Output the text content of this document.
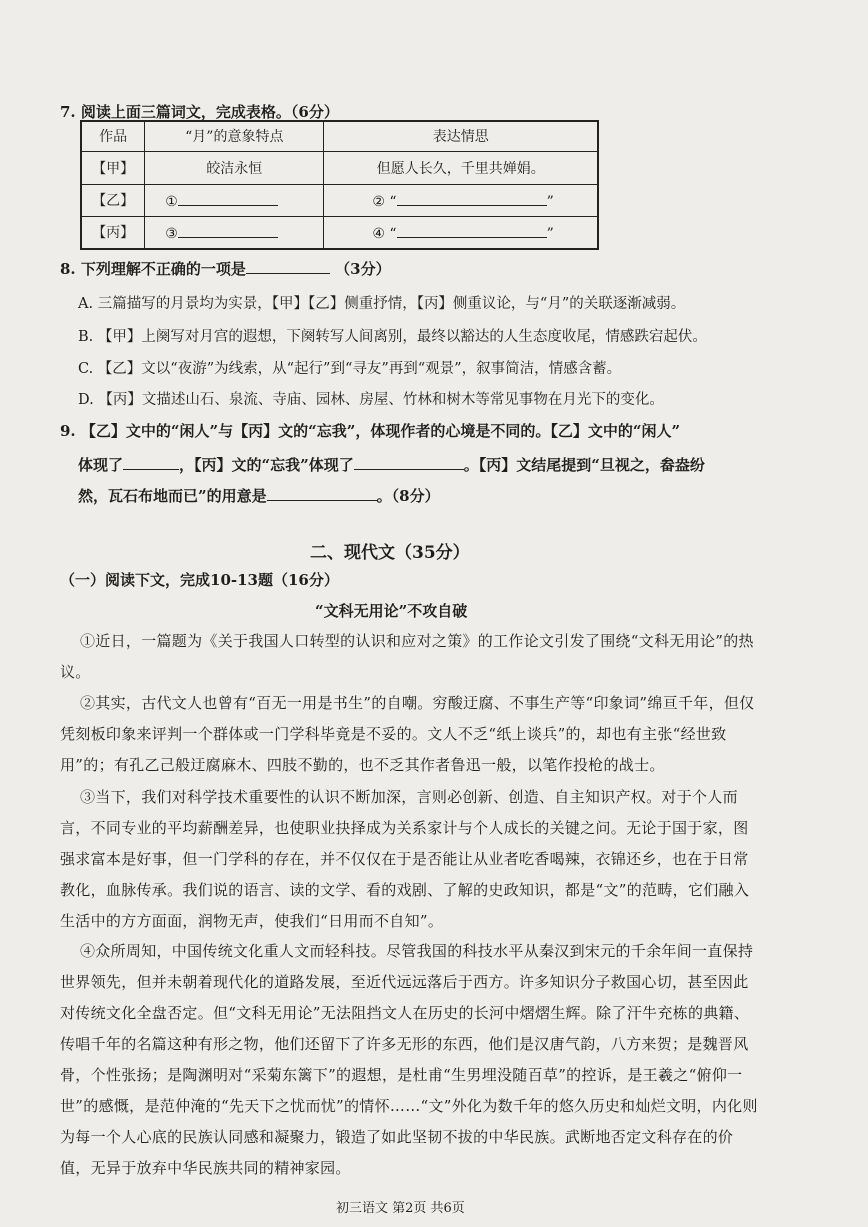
7. 阅读上面三篇词文，完成表格。（6分）
作品	“月”的意象特点	表达情思
【甲】	皎洁永恒	但愿人长久，千里共婵娟。
【乙】	①	② “ ”
【丙】	③	④ “ ”
8. 下列理解不正确的一项是	（3分）
A. 三篇描写的月景均为实景，【甲】【乙】侧重抒情，【丙】侧重议论，与“月”的关联逐渐减弱。
B. 【甲】上阕写对月宫的遐想，下阕转写人间离别，最终以豁达的人生态度收尾，情感跌宕起伏。
C. 【乙】文以“夜游”为线索，从“起行”到“寻友”再到“观景”，叙事简洁，情感含蓄。
D. 【丙】文描述山石、泉流、寺庙、园林、房屋、竹林和树木等常见事物在月光下的变化。
9. 【乙】文中的“闲人”与【丙】文的“忘我”，体现作者的心境是不同的。【乙】文中的“闲人”
体现了	，【丙】文的“忘我”体现了	。【丙】文结尾提到“旦视之，畚盎纷
然，瓦石布地而已”的用意是	。（8分）
二、现代文（35分）
（一）阅读下文，完成10-13题（16分）
“文科无用论”不攻自破
①近日，一篇题为《关于我国人口转型的认识和应对之策》的工作论文引发了围绕“文科无用论”的热议。
②其实，古代文人也曾有“百无一用是书生”的自嘲。穷酸迂腐、不事生产等“印象词”绵亘千年，但仅凭刻板印象来评判一个群体或一门学科毕竟是不妥的。文人不乏“纸上谈兵”的，却也有主张“经世致用”的；有孔乙己般迂腐麻木、四肢不勤的，也不乏其作者鲁迅一般，以笔作投枪的战士。
③当下，我们对科学技术重要性的认识不断加深，言则必创新、创造、自主知识产权。对于个人而言，不同专业的平均薪酬差异，也使职业抉择成为关系家计与个人成长的关键之问。无论于国于家，图强求富本是好事，但一门学科的存在，并不仅仅在于是否能让从业者吃香喝辣，衣锦还乡，也在于日常教化，血脉传承。我们说的语言、读的文学、看的戏剧、了解的史政知识，都是“文”的范畴，它们融入生活中的方方面面，润物无声，使我们“日用而不自知”。
④众所周知，中国传统文化重人文而轻科技。尽管我国的科技水平从秦汉到宋元的千余年间一直保持世界领先，但并未朝着现代化的道路发展，至近代远远落后于西方。许多知识分子救国心切，甚至因此对传统文化全盘否定。但“文科无用论”无法阻挡文人在历史的长河中熠熠生辉。除了汗牛充栋的典籍、传唱千年的名篇这种有形之物，他们还留下了许多无形的东西，他们是汉唐气韵，八方来贺；是魏晋风骨，个性张扬；是陶渊明对“采菊东篱下”的遐想，是杜甫“生男埋没随百草”的控诉，是王羲之“俯仰一世”的感慨，是范仲淹的“先天下之忧而忧”的情怀……“文”外化为数千年的悠久历史和灿烂文明，内化则为每一个人心底的民族认同感和凝聚力，锻造了如此坚韧不拔的中华民族。武断地否定文科存在的价值，无异于放弃中华民族共同的精神家园。
初三语文 第2页 共6页
